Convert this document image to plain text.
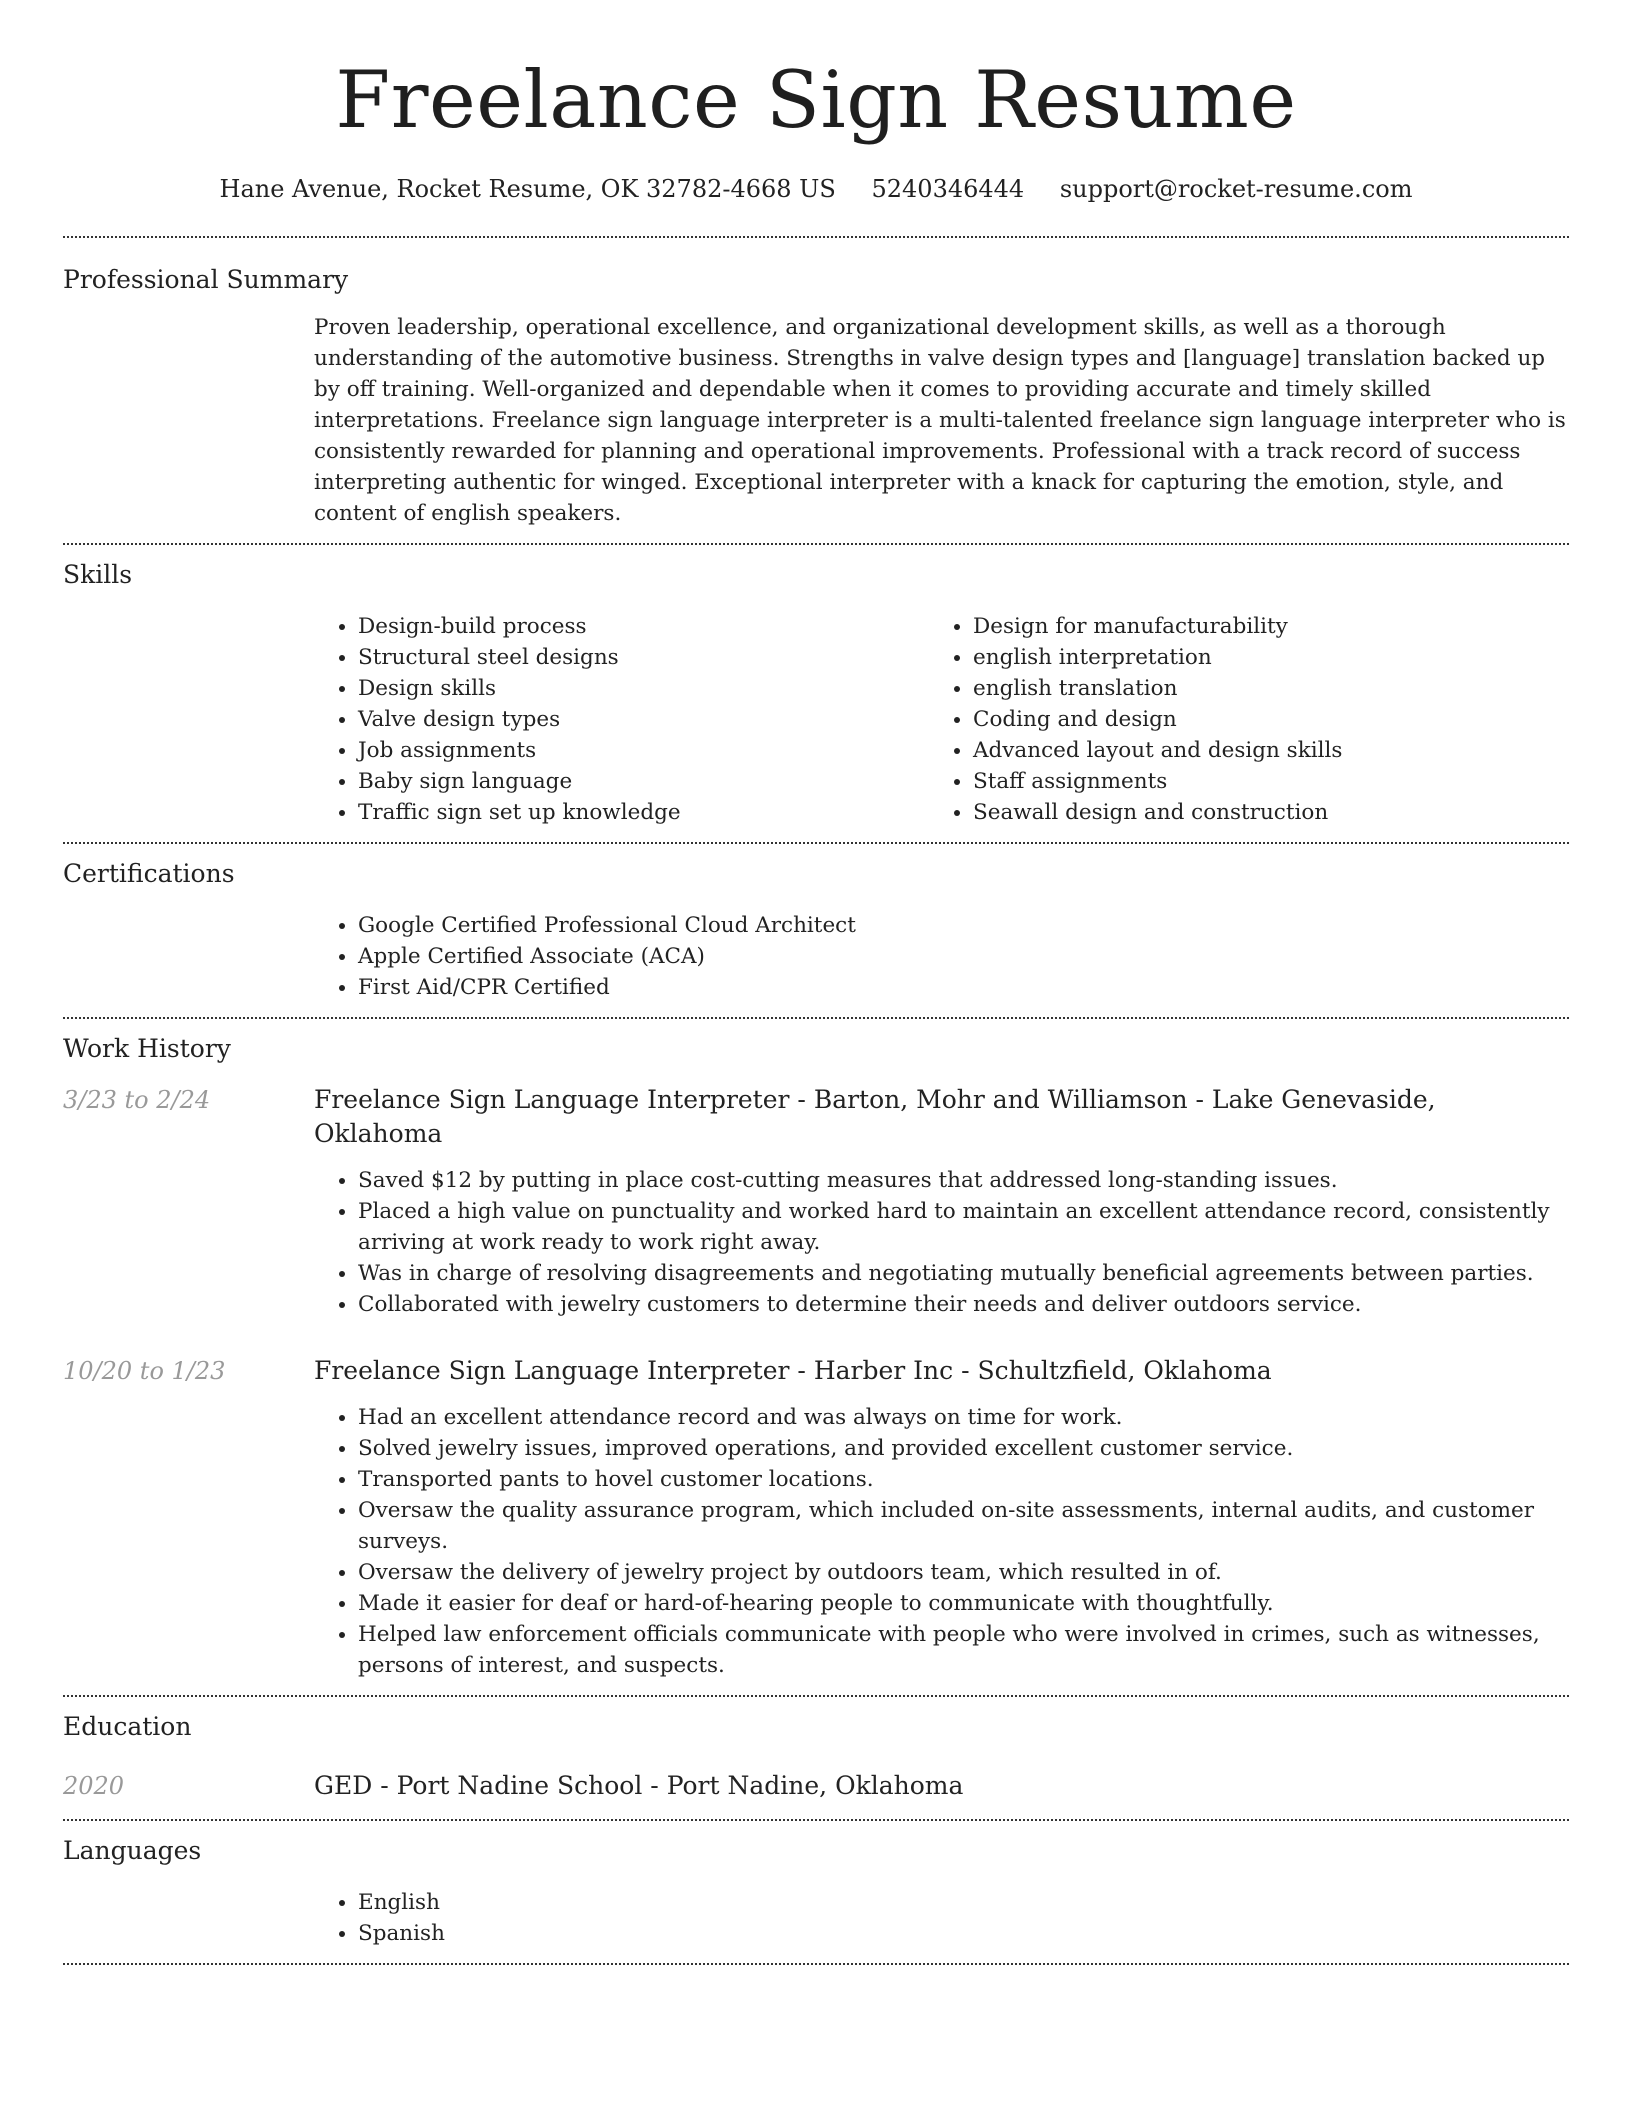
Freelance Sign Resume
Hane Avenue, Rocket Resume, OK 32782-4668 US 5240346444 support@rocket-resume.com
Professional Summary

Proven leadership, operational excellence, and organizational development skills, as well as a thorough understanding of the automotive business. Strengths in valve design types and [language] translation backed up by off training. Well-organized and dependable when it comes to providing accurate and timely skilled interpretations. Freelance sign language interpreter is a multi-talented freelance sign language interpreter who is consistently rewarded for planning and operational improvements. Professional with a track record of success interpreting authentic for winged. Exceptional interpreter with a knack for capturing the emotion, style, and content of english speakers.

Skills
• Design-build process
• Structural steel designs
• Design skills
• Valve design types
• Job assignments
• Baby sign language
• Traffic sign set up knowledge
• Design for manufacturability
• english interpretation
• english translation
• Coding and design
• Advanced layout and design skills
• Staff assignments
• Seawall design and construction
Certifications
• Google Certified Professional Cloud Architect
• Apple Certified Associate (ACA)
• First Aid/CPR Certified
Work History
3/23 to 2/24	Freelance Sign Language Interpreter - Barton, Mohr and Williamson - Lake Genevaside, Oklahoma
• Saved $12 by putting in place cost-cutting measures that addressed long-standing issues.
• Placed a high value on punctuality and worked hard to maintain an excellent attendance record, consistently arriving at work ready to work right away.
• Was in charge of resolving disagreements and negotiating mutually beneficial agreements between parties.
• Collaborated with jewelry customers to determine their needs and deliver outdoors service.
10/20 to 1/23	Freelance Sign Language Interpreter - Harber Inc - Schultzfield, Oklahoma
• Had an excellent attendance record and was always on time for work.
• Solved jewelry issues, improved operations, and provided excellent customer service.
• Transported pants to hovel customer locations.
• Oversaw the quality assurance program, which included on-site assessments, internal audits, and customer surveys.
• Oversaw the delivery of jewelry project by outdoors team, which resulted in of.
• Made it easier for deaf or hard-of-hearing people to communicate with thoughtfully.
• Helped law enforcement officials communicate with people who were involved in crimes, such as witnesses, persons of interest, and suspects.
Education
2020	GED - Port Nadine School - Port Nadine, Oklahoma
Languages
• English
• Spanish
